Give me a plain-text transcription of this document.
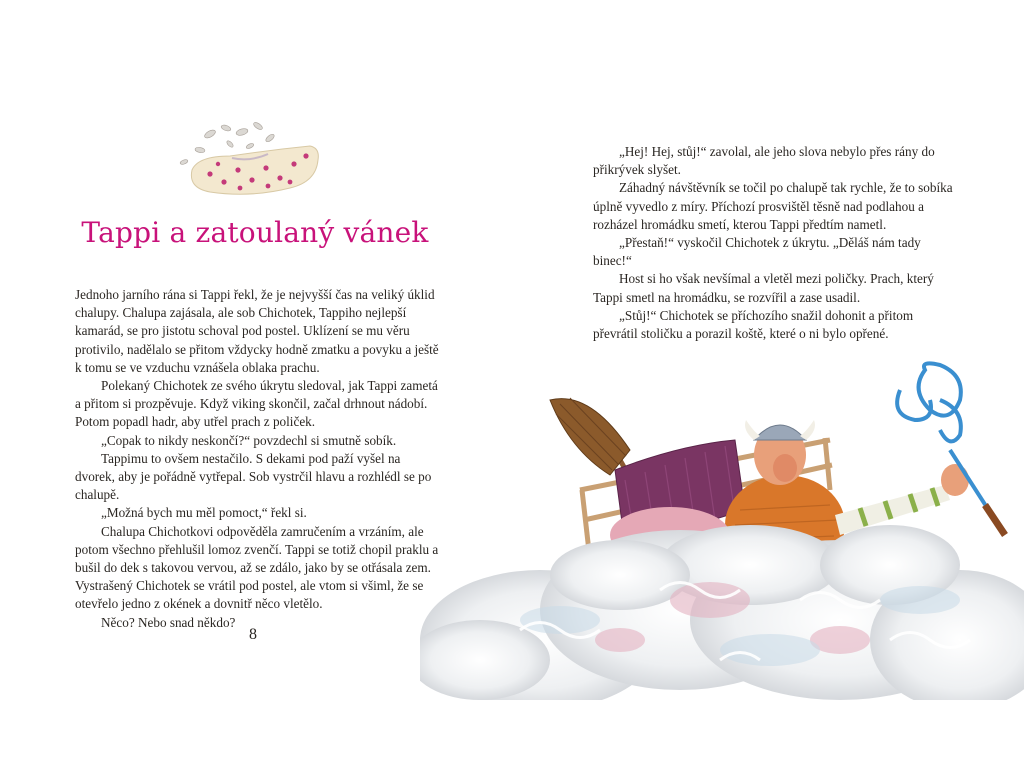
Tappi a zatoulaný vánek

Jednoho jarního rána si Tappi řekl, že je nejvyšší čas na veliký úklid chalupy. Chalupa zajásala, ale sob Chichotek, Tappiho nejlepší kamarád, se pro jistotu schoval pod postel. Uklízení se mu věru protivilo, nadělalo se přitom vždycky hodně zmatku a povyku a ještě k tomu se ve vzduchu vznášela oblaka prachu.

Polekaný Chichotek ze svého úkrytu sledoval, jak Tappi zametá a přitom si prozpěvuje. Když viking skončil, začal drhnout nádobí. Potom popadl hadr, aby utřel prach z poliček.

„Copak to nikdy neskončí?“ povzdechl si smutně sobík.

Tappimu to ovšem nestačilo. S dekami pod paží vyšel na dvorek, aby je pořádně vytřepal. Sob vystrčil hlavu a rozhlédl se po chalupě.

„Možná bych mu měl pomoct,“ řekl si.

Chalupa Chichotkovi odpověděla zamručením a vrzáním, ale potom všechno přehlušil lomoz zvenčí. Tappi se totiž chopil praklu a bušil do dek s takovou vervou, až se zdálo, jako by se otřásala zem. Vystrašený Chichotek se vrátil pod postel, ale vtom si všiml, že se otevřelo jedno z okének a dovnitř něco vletělo.

Něco? Nebo snad někdo?

8

„Hej! Hej, stůj!“ zavolal, ale jeho slova nebylo přes rány do přikrývek slyšet.

Záhadný návštěvník se točil po chalupě tak rychle, že to sobíka úplně vyvedlo z míry. Příchozí prosvištěl těsně nad podlahou a rozházel hromádku smetí, kterou Tappi předtím nametl.

„Přestaň!“ vyskočil Chichotek z úkrytu. „Děláš nám tady binec!“

Host si ho však nevšímal a vletěl mezi poličky. Prach, který Tappi smetl na hromádku, se rozvířil a zase usadil.

„Stůj!“ Chichotek se příchozího snažil dohonit a přitom převrátil stoličku a porazil koště, které o ni bylo opřené.
